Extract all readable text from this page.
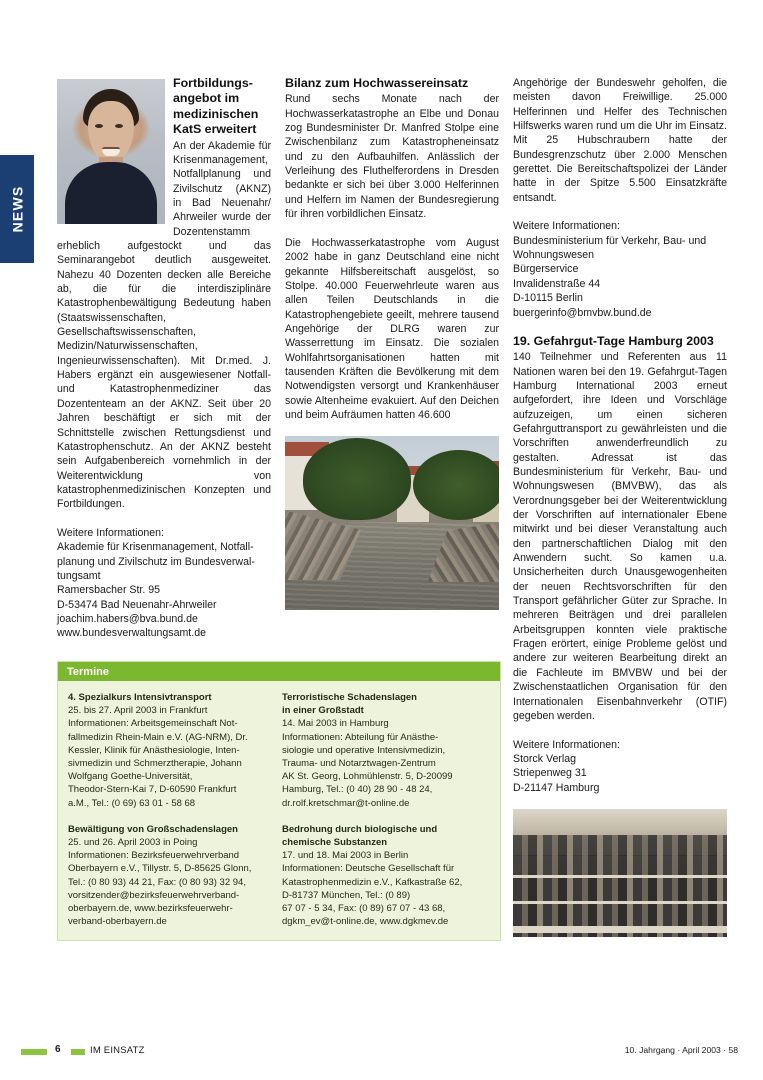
NEWS
Fortbildungs-
angebot im
medizinischen
KatS erweitert

An der Akademie für Krisenmanagement, Notfallplanung und Zivilschutz (AKNZ) in Bad Neuenahr/ Ahrweiler wurde der Dozentenstamm erheblich aufgestockt und das Seminarangebot deutlich ausgeweitet. Nahezu 40 Dozenten decken alle Bereiche ab, die für die interdisziplinäre Katastrophenbewältigung Bedeutung haben (Staatswissenschaften, Gesellschaftswissenschaften, Medizin/Naturwissenschaften, Ingenieurwissenschaften). Mit Dr.med. J. Habers ergänzt ein ausgewiesener Notfall- und Katastrophenmediziner das Dozententeam an der AKNZ. Seit über 20 Jahren beschäftigt er sich mit der Schnittstelle zwischen Rettungsdienst und Katastrophenschutz. An der AKNZ besteht sein Aufgabenbereich vornehmlich in der Weiterentwicklung von katastrophenmedizinischen Konzepten und Fortbildungen.

Weitere Informationen:

Akademie für Krisenmanagement, Notfall-
planung und Zivilschutz im Bundesverwal-
tungsamt
Ramersbacher Str. 95
D-53474 Bad Neuenahr-Ahrweiler
joachim.habers@bva.bund.de
www.bundesverwaltungsamt.de

Bilanz zum Hochwassereinsatz

Rund sechs Monate nach der Hochwasserkatastrophe an Elbe und Donau zog Bundesminister Dr. Manfred Stolpe eine Zwischenbilanz zum Katastropheneinsatz und zu den Aufbauhilfen. Anlässlich der Verleihung des Fluthelferordens in Dresden bedankte er sich bei über 3.000 Helferinnen und Helfern im Namen der Bundesregierung für ihren vorbildlichen Einsatz.

Die Hochwasserkatastrophe vom August 2002 habe in ganz Deutschland eine nicht gekannte Hilfsbereitschaft ausgelöst, so Stolpe. 40.000 Feuerwehrleute waren aus allen Teilen Deutschlands in die Katastrophengebiete geeilt, mehrere tausend Angehörige der DLRG waren zur Wasserrettung im Einsatz. Die sozialen Wohlfahrtsorganisationen hatten mit tausenden Kräften die Bevölkerung mit dem Notwendigsten versorgt und Krankenhäuser sowie Altenheime evakuiert. Auf den Deichen und beim Aufräumen hatten 46.600

Angehörige der Bundeswehr geholfen, die meisten davon Freiwillige. 25.000 Helferinnen und Helfer des Technischen Hilfswerks waren rund um die Uhr im Einsatz. Mit 25 Hubschraubern hatte der Bundesgrenzschutz über 2.000 Menschen gerettet. Die Bereitschaftspolizei der Länder hatte in der Spitze 5.500 Einsatzkräfte entsandt.

Weitere Informationen:

Bundesministerium für Verkehr, Bau- und
Wohnungswesen
Bürgerservice
Invalidenstraße 44
D-10115 Berlin
buergerinfo@bmvbw.bund.de

19. Gefahrgut-Tage Hamburg 2003

140 Teilnehmer und Referenten aus 11 Nationen waren bei den 19. Gefahrgut-Tagen Hamburg International 2003 erneut aufgefordert, ihre Ideen und Vorschläge aufzuzeigen, um einen sicheren Gefahrguttransport zu gewährleisten und die Vorschriften anwenderfreundlich zu gestalten. Adressat ist das Bundesministerium für Verkehr, Bau- und Wohnungswesen (BMVBW), das als Verordnungsgeber bei der Weiterentwicklung der Vorschriften auf internationaler Ebene mitwirkt und bei dieser Veranstaltung auch den partnerschaftlichen Dialog mit den Anwendern sucht. So kamen u.a. Unsicherheiten durch Unausgewogenheiten der neuen Rechtsvorschriften für den Transport gefährlicher Güter zur Sprache. In mehreren Beiträgen und drei parallelen Arbeitsgruppen konnten viele praktische Fragen erörtert, einige Probleme gelöst und andere zur weiteren Bearbeitung direkt an die Fachleute im BMVBW und bei der Zwischenstaatlichen Organisation für den Internationalen Eisenbahnverkehr (OTIF) gegeben werden.

Weitere Informationen:

Storck Verlag
Striepenweg 31
D-21147 Hamburg

Termine
4. Spezialkurs Intensivtransport
25. bis 27. April 2003 in Frankfurt
Informationen: Arbeitsgemeinschaft Not-
fallmedizin Rhein-Main e.V. (AG-NRM), Dr.
Kessler, Klinik für Anästhesiologie, Inten-
sivmedizin und Schmerztherapie, Johann
Wolfgang Goethe-Universität,
Theodor-Stern-Kai 7, D-60590 Frankfurt
a.M., Tel.: (0 69) 63 01 - 58 68
Bewältigung von Großschadenslagen
25. und 26. April 2003 in Poing
Informationen: Bezirksfeuerwehrverband
Oberbayern e.V., Tillystr. 5, D-85625 Glonn,
Tel.: (0 80 93) 44 21, Fax: (0 80 93) 32 94,
vorsitzender@bezirksfeuerwehrverband-
oberbayern.de, www.bezirksfeuerwehr-
verband-oberbayern.de
Terroristische Schadenslagen
in einer Großstadt
14. Mai 2003 in Hamburg
Informationen: Abteilung für Anästhe-
siologie und operative Intensivmedizin,
Trauma- und Notarztwagen-Zentrum
AK St. Georg, Lohmühlenstr. 5, D-20099
Hamburg, Tel.: (0 40) 28 90 - 48 24,
dr.rolf.kretschmar@t-online.de
Bedrohung durch biologische und
chemische Substanzen
17. und 18. Mai 2003 in Berlin
Informationen: Deutsche Gesellschaft für
Katastrophenmedizin e.V., Kafkastraße 62,
D-81737 München, Tel.: (0 89)
67 07 - 5 34, Fax: (0 89) 67 07 - 43 68,
dgkm_ev@t-online.de, www.dgkmev.de
6	IM EINSATZ	10. Jahrgang · April 2003 · 58
